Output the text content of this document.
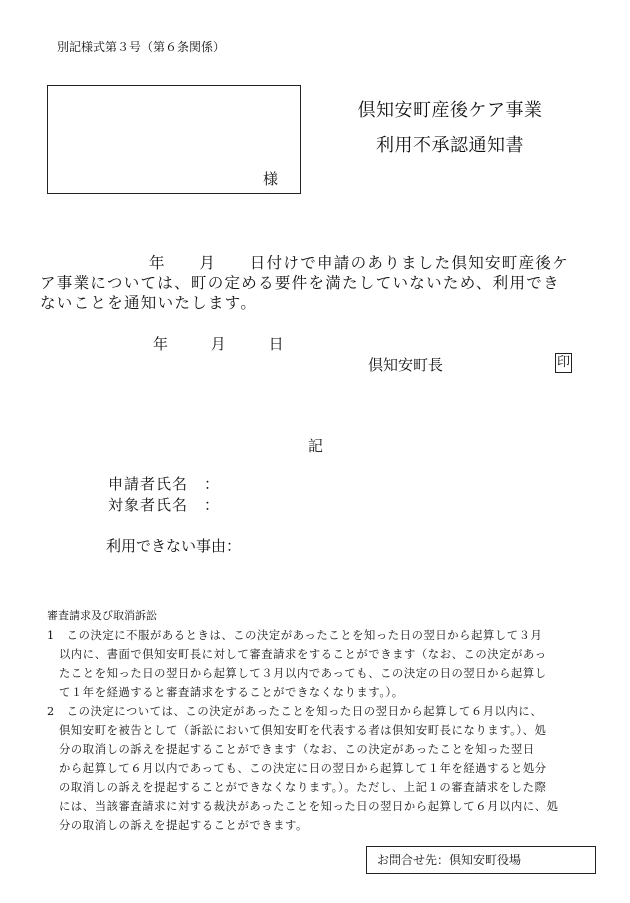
別記様式第３号（第６条関係）
様
倶知安町産後ケア事業
利用不承認通知書
年　　月　　日付けで申請のありました倶知安町産後ケ
ア事業については、町の定める要件を満たしていないため、利用でき
ないことを通知いたします。
年	月	日
倶知安町長	印
記
申請者氏名 ：
対象者氏名 ：
利用できない事由：
審査請求及び取消訴訟
1　この決定に不服があるときは、この決定があったことを知った日の翌日から起算して３月
以内に、書面で倶知安町長に対して審査請求をすることができます（なお、この決定があっ
たことを知った日の翌日から起算して３月以内であっても、この決定の日の翌日から起算し
て１年を経過すると審査請求をすることができなくなります。）。
2　この決定については、この決定があったことを知った日の翌日から起算して６月以内に、
倶知安町を被告として（訴訟において倶知安町を代表する者は倶知安町長になります。）、処
分の取消しの訴えを提起することができます（なお、この決定があったことを知った翌日
から起算して６月以内であっても、この決定に日の翌日から起算して１年を経過すると処分
の取消しの訴えを提起することができなくなります。）。ただし、上記１の審査請求をした際
には、当該審査請求に対する裁決があったことを知った日の翌日から起算して６月以内に、処
分の取消しの訴えを提起することができます。
お問合せ先：倶知安町役場
